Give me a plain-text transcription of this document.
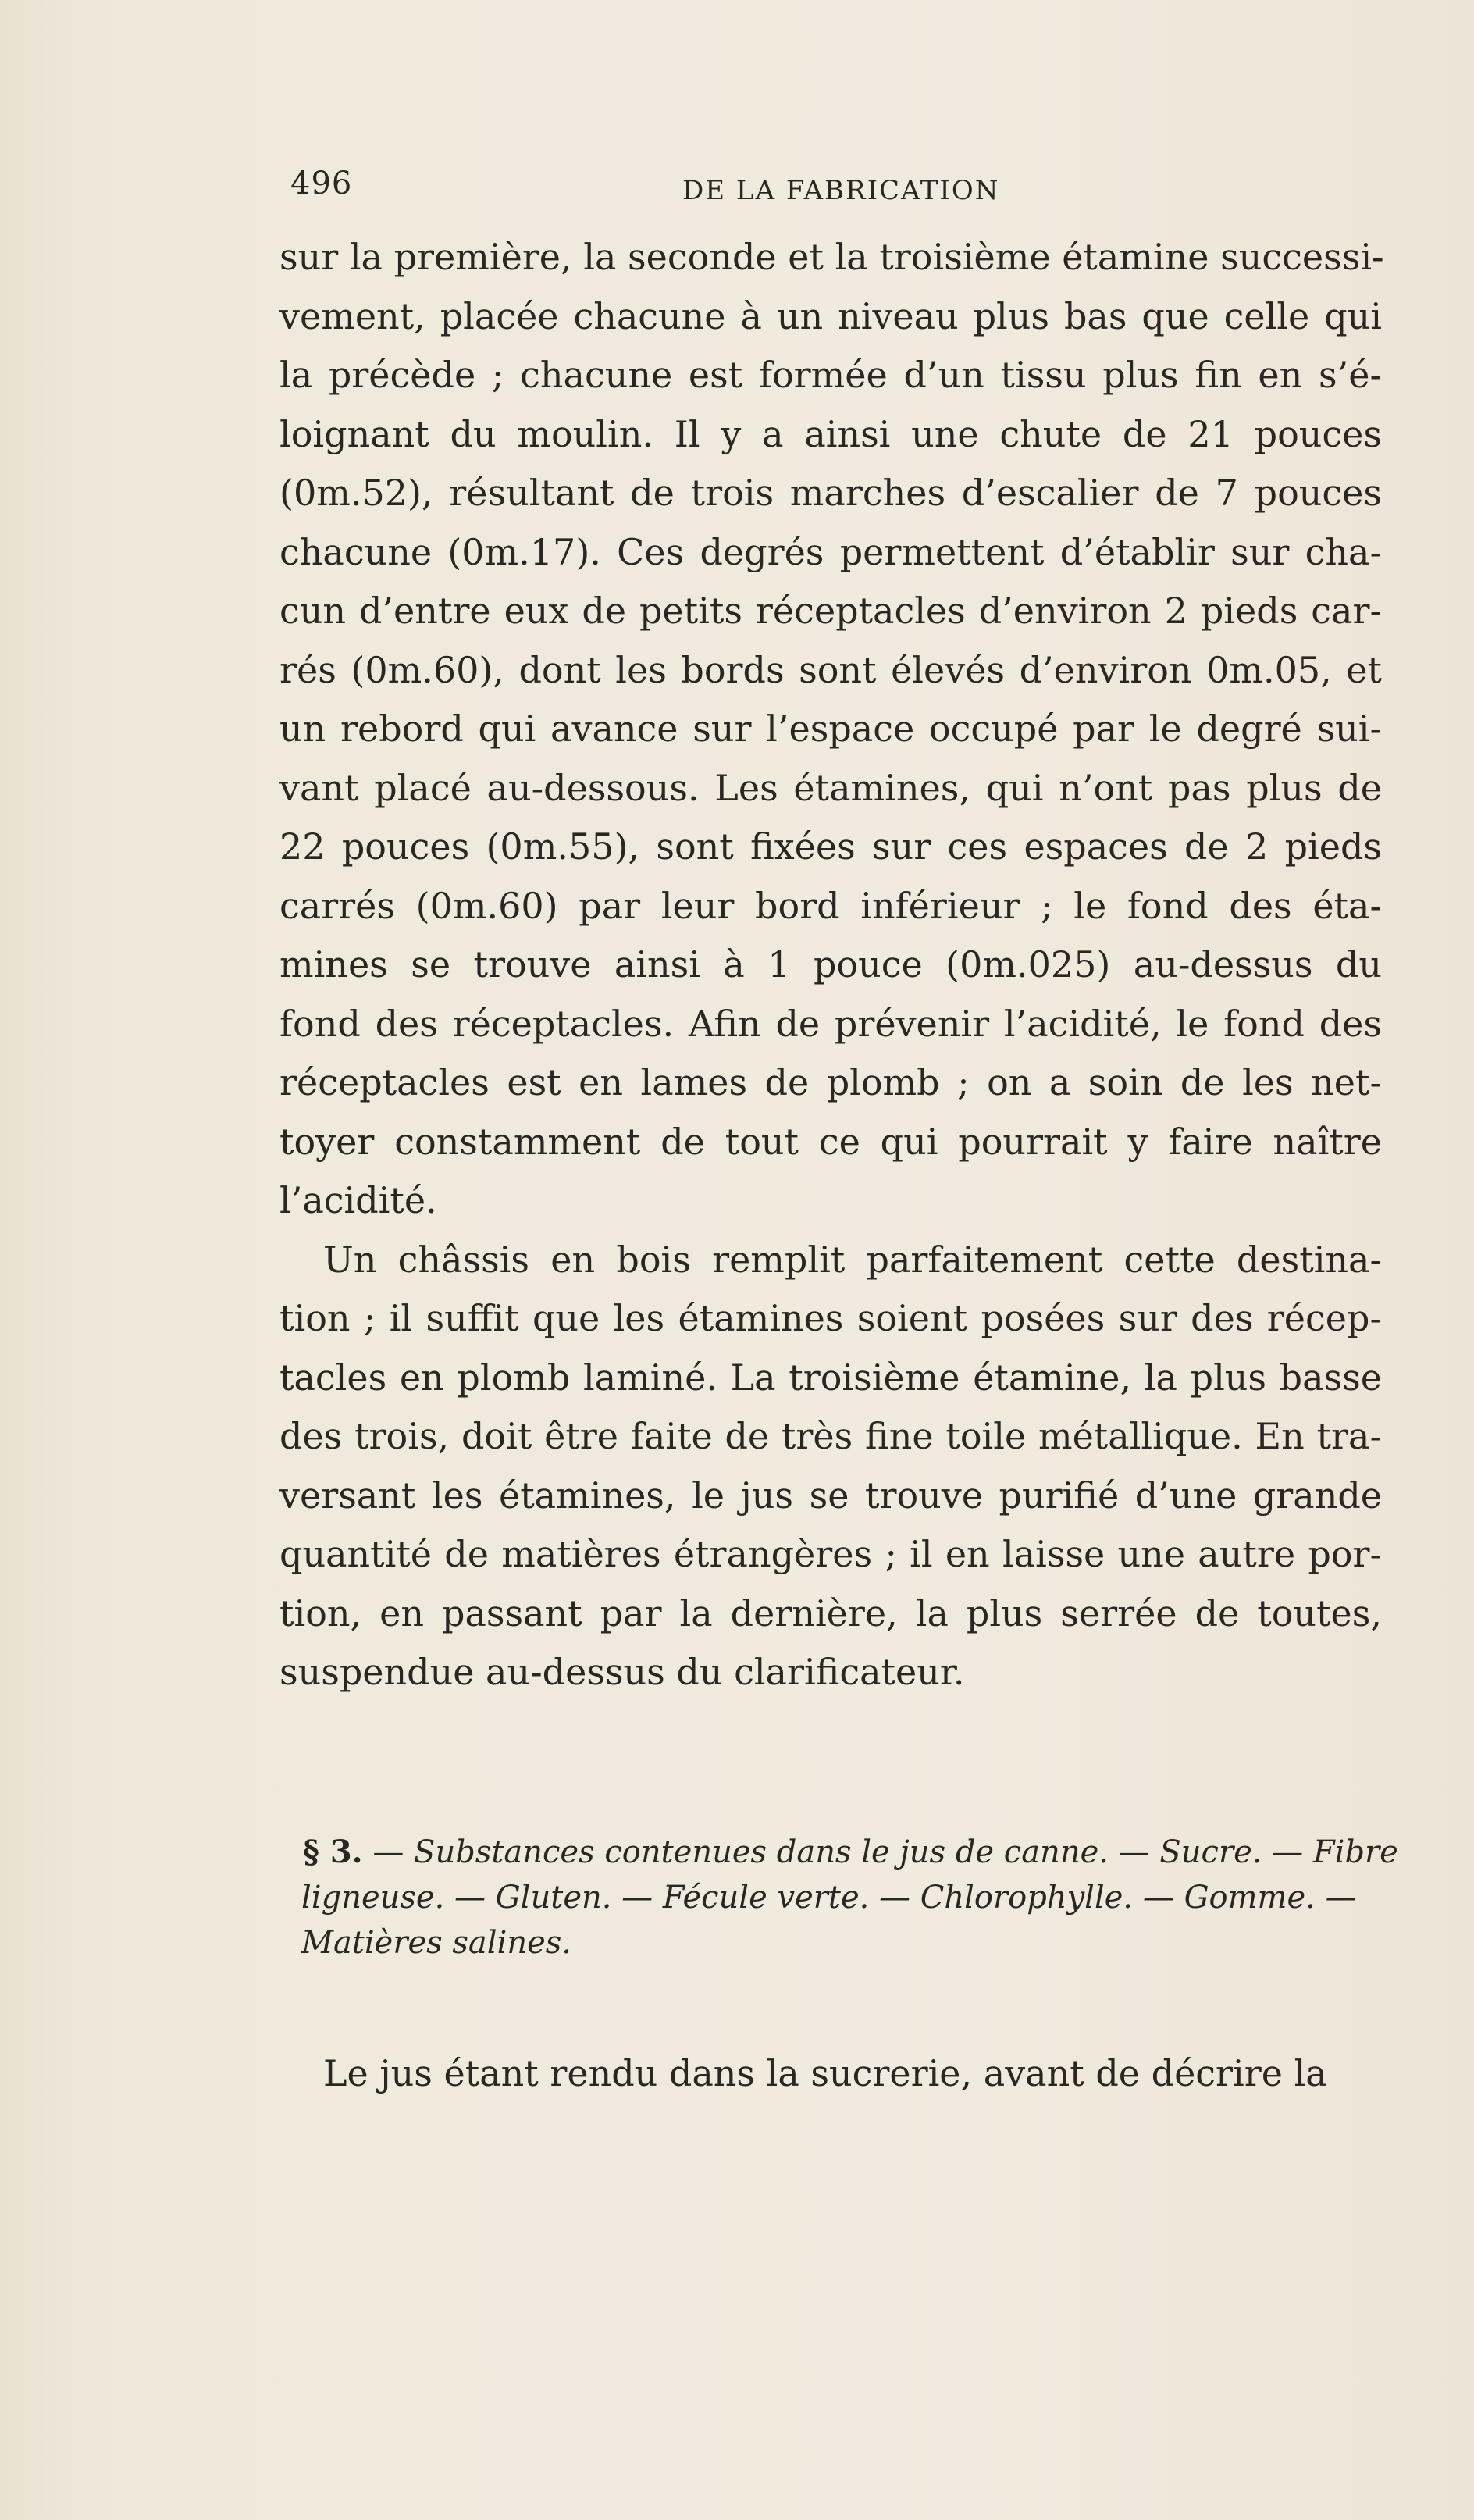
496	DE LA FABRICATION
sur la première, la seconde et la troisième étamine successi-
vement, placée chacune à un niveau plus bas que celle qui
la précède ; chacune est formée d’un tissu plus fin en s’é-
loignant du moulin. Il y a ainsi une chute de 21 pouces
(0m.52), résultant de trois marches d’escalier de 7 pouces
chacune (0m.17). Ces degrés permettent d’établir sur cha-
cun d’entre eux de petits réceptacles d’environ 2 pieds car-
rés (0m.60), dont les bords sont élevés d’environ 0m.05, et
un rebord qui avance sur l’espace occupé par le degré sui-
vant placé au-dessous. Les étamines, qui n’ont pas plus de
22 pouces (0m.55), sont fixées sur ces espaces de 2 pieds
carrés (0m.60) par leur bord inférieur ; le fond des éta-
mines se trouve ainsi à 1 pouce (0m.025) au-dessus du
fond des réceptacles. Afin de prévenir l’acidité, le fond des
réceptacles est en lames de plomb ; on a soin de les net-
toyer constamment de tout ce qui pourrait y faire naître
l’acidité.
Un châssis en bois remplit parfaitement cette destina-
tion ; il suffit que les étamines soient posées sur des récep-
tacles en plomb laminé. La troisième étamine, la plus basse
des trois, doit être faite de très fine toile métallique. En tra-
versant les étamines, le jus se trouve purifié d’une grande
quantité de matières étrangères ; il en laisse une autre por-
tion, en passant par la dernière, la plus serrée de toutes,
suspendue au-dessus du clarificateur.
§ 3. — Substances contenues dans le jus de canne. — Sucre. — Fibre
ligneuse. — Gluten. — Fécule verte. — Chlorophylle. — Gomme. —
Matières salines.
Le jus étant rendu dans la sucrerie, avant de décrire la
